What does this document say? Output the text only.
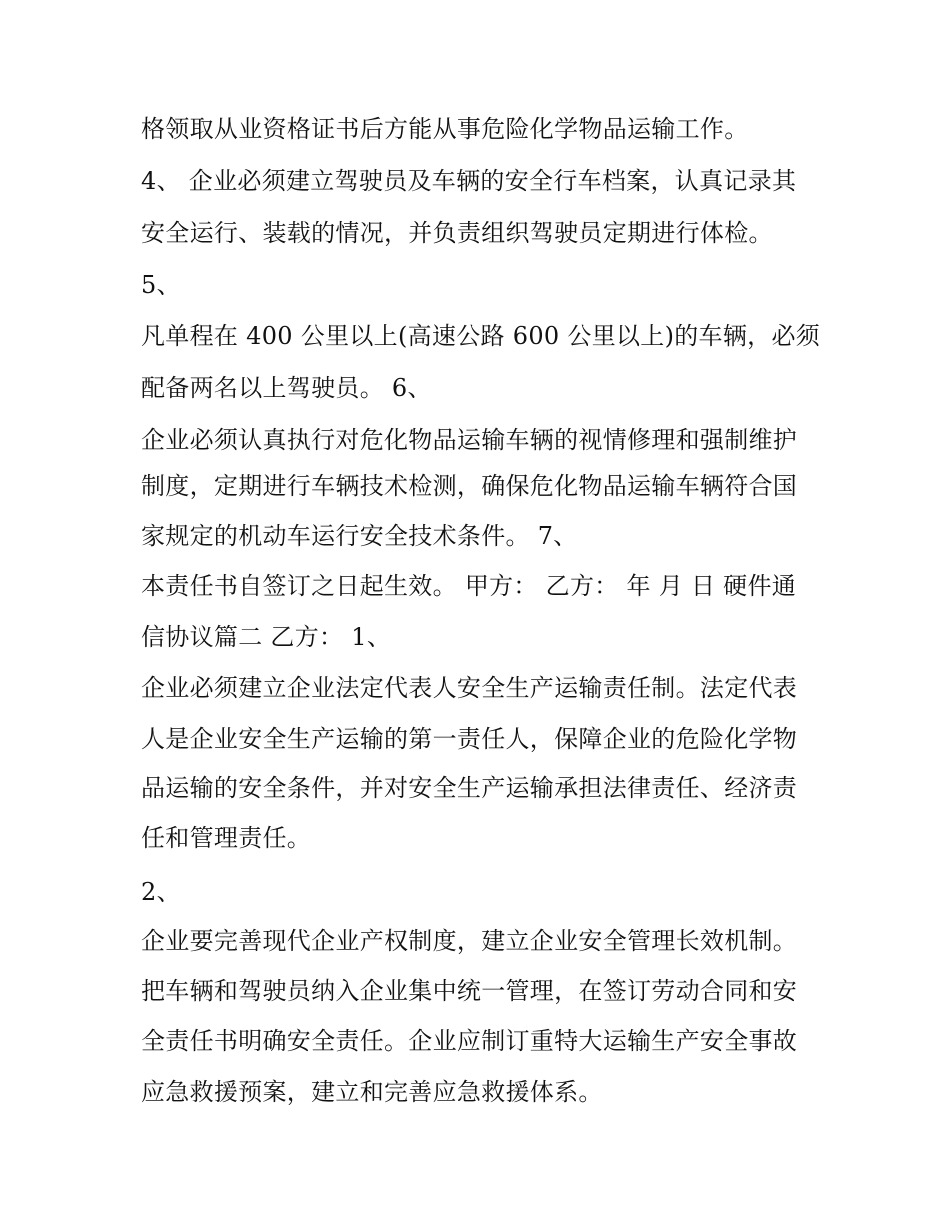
格领取从业资格证书后方能从事危险化学物品运输工作。
4、 企业必须建立驾驶员及车辆的安全行车档案，认真记录其
安全运行、装载的情况，并负责组织驾驶员定期进行体检。
5、
凡单程在 400 公里以上(高速公路 600 公里以上)的车辆，必须
配备两名以上驾驶员。 6、
企业必须认真执行对危化物品运输车辆的视情修理和强制维护
制度，定期进行车辆技术检测，确保危化物品运输车辆符合国
家规定的机动车运行安全技术条件。 7、
本责任书自签订之日起生效。 甲方： 乙方： 年 月 日 硬件通
信协议篇二 乙方： 1、
企业必须建立企业法定代表人安全生产运输责任制。法定代表
人是企业安全生产运输的第一责任人，保障企业的危险化学物
品运输的安全条件，并对安全生产运输承担法律责任、经济责
任和管理责任。
2、
企业要完善现代企业产权制度，建立企业安全管理长效机制。
把车辆和驾驶员纳入企业集中统一管理，在签订劳动合同和安
全责任书明确安全责任。企业应制订重特大运输生产安全事故
应急救援预案，建立和完善应急救援体系。
